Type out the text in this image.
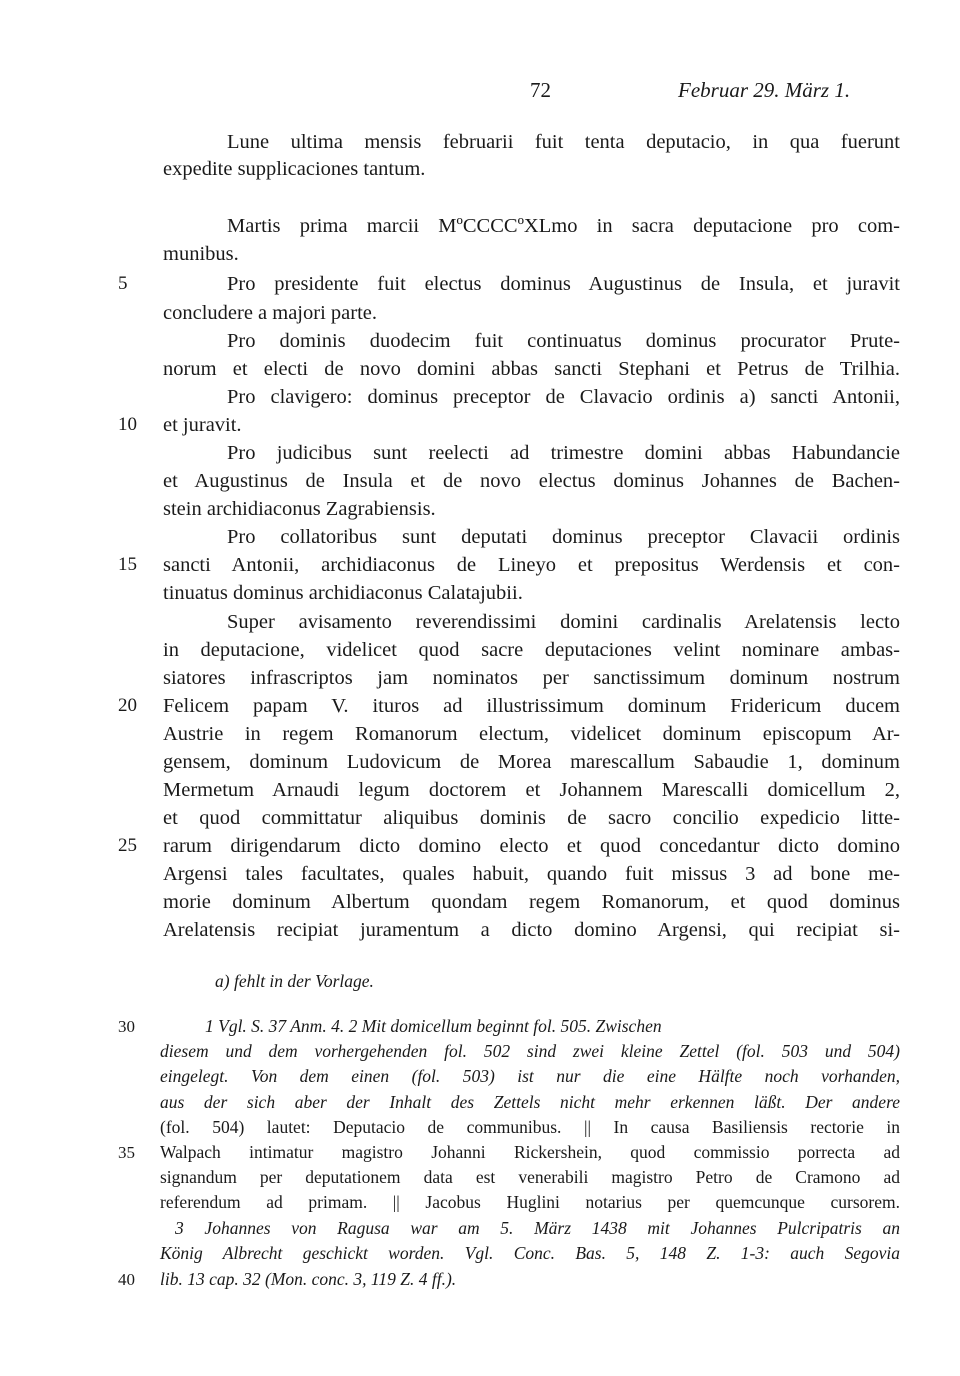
72	Februar 29. März 1.
Lune ultima mensis februarii fuit tenta deputacio, in qua fuerunt
expedite supplicaciones tantum.
Martis prima marcii MºCCCCºXLmo in sacra deputacione pro com-
munibus.
Pro presidente fuit electus dominus Augustinus de Insula, et juravit
concludere a majori parte.
Pro dominis duodecim fuit continuatus dominus procurator Prute-
norum et electi de novo domini abbas sancti Stephani et Petrus de Trilhia.
Pro clavigero: dominus preceptor de Clavacio ordinis a) sancti Antonii,
et juravit.
Pro judicibus sunt reelecti ad trimestre domini abbas Habundancie
et Augustinus de Insula et de novo electus dominus Johannes de Bachen-
stein archidiaconus Zagrabiensis.
Pro collatoribus sunt deputati dominus preceptor Clavacii ordinis
sancti Antonii, archidiaconus de Lineyo et prepositus Werdensis et con-
tinuatus dominus archidiaconus Calatajubii.
Super avisamento reverendissimi domini cardinalis Arelatensis lecto
in deputacione, videlicet quod sacre deputaciones velint nominare ambas-
siatores infrascriptos jam nominatos per sanctissimum dominum nostrum
Felicem papam V. ituros ad illustrissimum dominum Fridericum ducem
Austrie in regem Romanorum electum, videlicet dominum episcopum Ar-
gensem, dominum Ludovicum de Morea marescallum Sabaudie 1, dominum
Mermetum Arnaudi legum doctorem et Johannem Marescalli domicellum 2,
et quod committatur aliquibus dominis de sacro concilio expedicio litte-
rarum dirigendarum dicto domino electo et quod concedantur dicto domino
Argensi tales facultates, quales habuit, quando fuit missus 3 ad bone me-
morie dominum Albertum quondam regem Romanorum, et quod dominus
Arelatensis recipiat juramentum a dicto domino Argensi, qui recipiat si-
5
10
15
20
25
a) fehlt in der Vorlage.
1 Vgl. S. 37 Anm. 4. 2 Mit domicellum beginnt fol. 505. Zwischen
diesem und dem vorhergehenden fol. 502 sind zwei kleine Zettel (fol. 503 und 504)
eingelegt. Von dem einen (fol. 503) ist nur die eine Hälfte noch vorhanden,
aus der sich aber der Inhalt des Zettels nicht mehr erkennen läßt. Der andere
(fol. 504) lautet: Deputacio de communibus. || In causa Basiliensis rectorie in
Walpach intimatur magistro Johanni Rickershein, quod commissio porrecta ad
signandum per deputationem data est venerabili magistro Petro de Cramono ad
referendum ad primam. || Jacobus Huglini notarius per quemcunque cursorem.
3 Johannes von Ragusa war am 5. März 1438 mit Johannes Pulcripatris an
König Albrecht geschickt worden. Vgl. Conc. Bas. 5, 148 Z. 1-3: auch Segovia
lib. 13 cap. 32 (Mon. conc. 3, 119 Z. 4 ff.).
30
35
40
